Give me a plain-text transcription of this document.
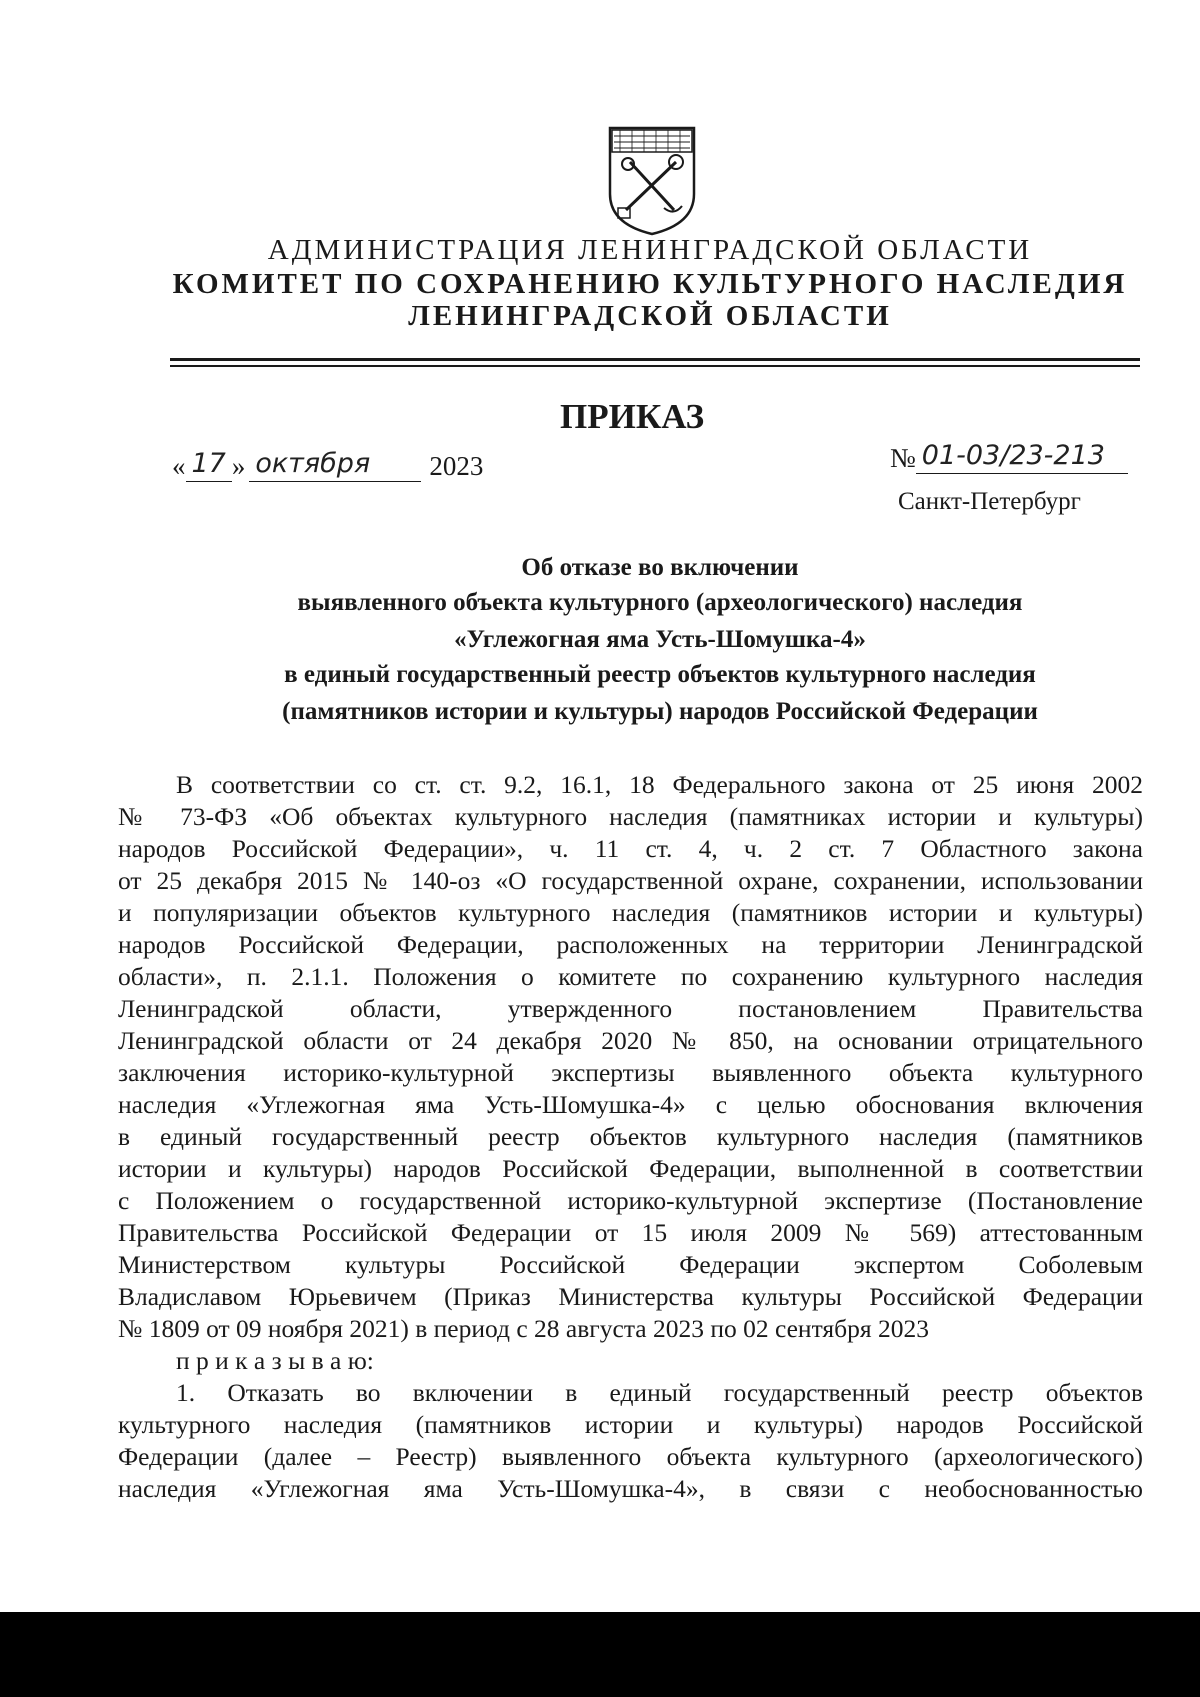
АДМИНИСТРАЦИЯ ЛЕНИНГРАДСКОЙ ОБЛАСТИ
КОМИТЕТ ПО СОХРАНЕНИЮ КУЛЬТУРНОГО НАСЛЕДИЯ
ЛЕНИНГРАДСКОЙ ОБЛАСТИ
ПРИКАЗ
« 17 » октября	2023	№ 01-03/23-213
Санкт-Петербург
Об отказе во включении
выявленного объекта культурного (археологического) наследия
«Углежогная яма Усть-Шомушка-4»
в единый государственный реестр объектов культурного наследия
(памятников истории и культуры) народов Российской Федерации
В соответствии со ст. ст. 9.2, 16.1, 18 Федерального закона от 25 июня 2002
№ 73-ФЗ «Об объектах культурного наследия (памятниках истории и культуры)
народов Российской Федерации», ч. 11 ст. 4, ч. 2 ст. 7 Областного закона
от 25 декабря 2015 № 140-оз «О государственной охране, сохранении, использовании
и популяризации объектов культурного наследия (памятников истории и культуры)
народов Российской Федерации, расположенных на территории Ленинградской
области», п. 2.1.1. Положения о комитете по сохранению культурного наследия
Ленинградской области, утвержденного постановлением Правительства
Ленинградской области от 24 декабря 2020 № 850, на основании отрицательного
заключения историко-культурной экспертизы выявленного объекта культурного
наследия «Углежогная яма Усть-Шомушка-4» с целью обоснования включения
в единый государственный реестр объектов культурного наследия (памятников
истории и культуры) народов Российской Федерации, выполненной в соответствии
с Положением о государственной историко-культурной экспертизе (Постановление
Правительства Российской Федерации от 15 июля 2009 № 569) аттестованным
Министерством культуры Российской Федерации экспертом Соболевым
Владиславом Юрьевичем (Приказ Министерства культуры Российской Федерации
№ 1809 от 09 ноября 2021) в период с 28 августа 2023 по 02 сентября 2023
п р и к а з ы в а ю:
1. Отказать во включении в единый государственный реестр объектов
культурного наследия (памятников истории и культуры) народов Российской
Федерации (далее – Реестр) выявленного объекта культурного (археологического)
наследия «Углежогная яма Усть-Шомушка-4», в связи с необоснованностью
